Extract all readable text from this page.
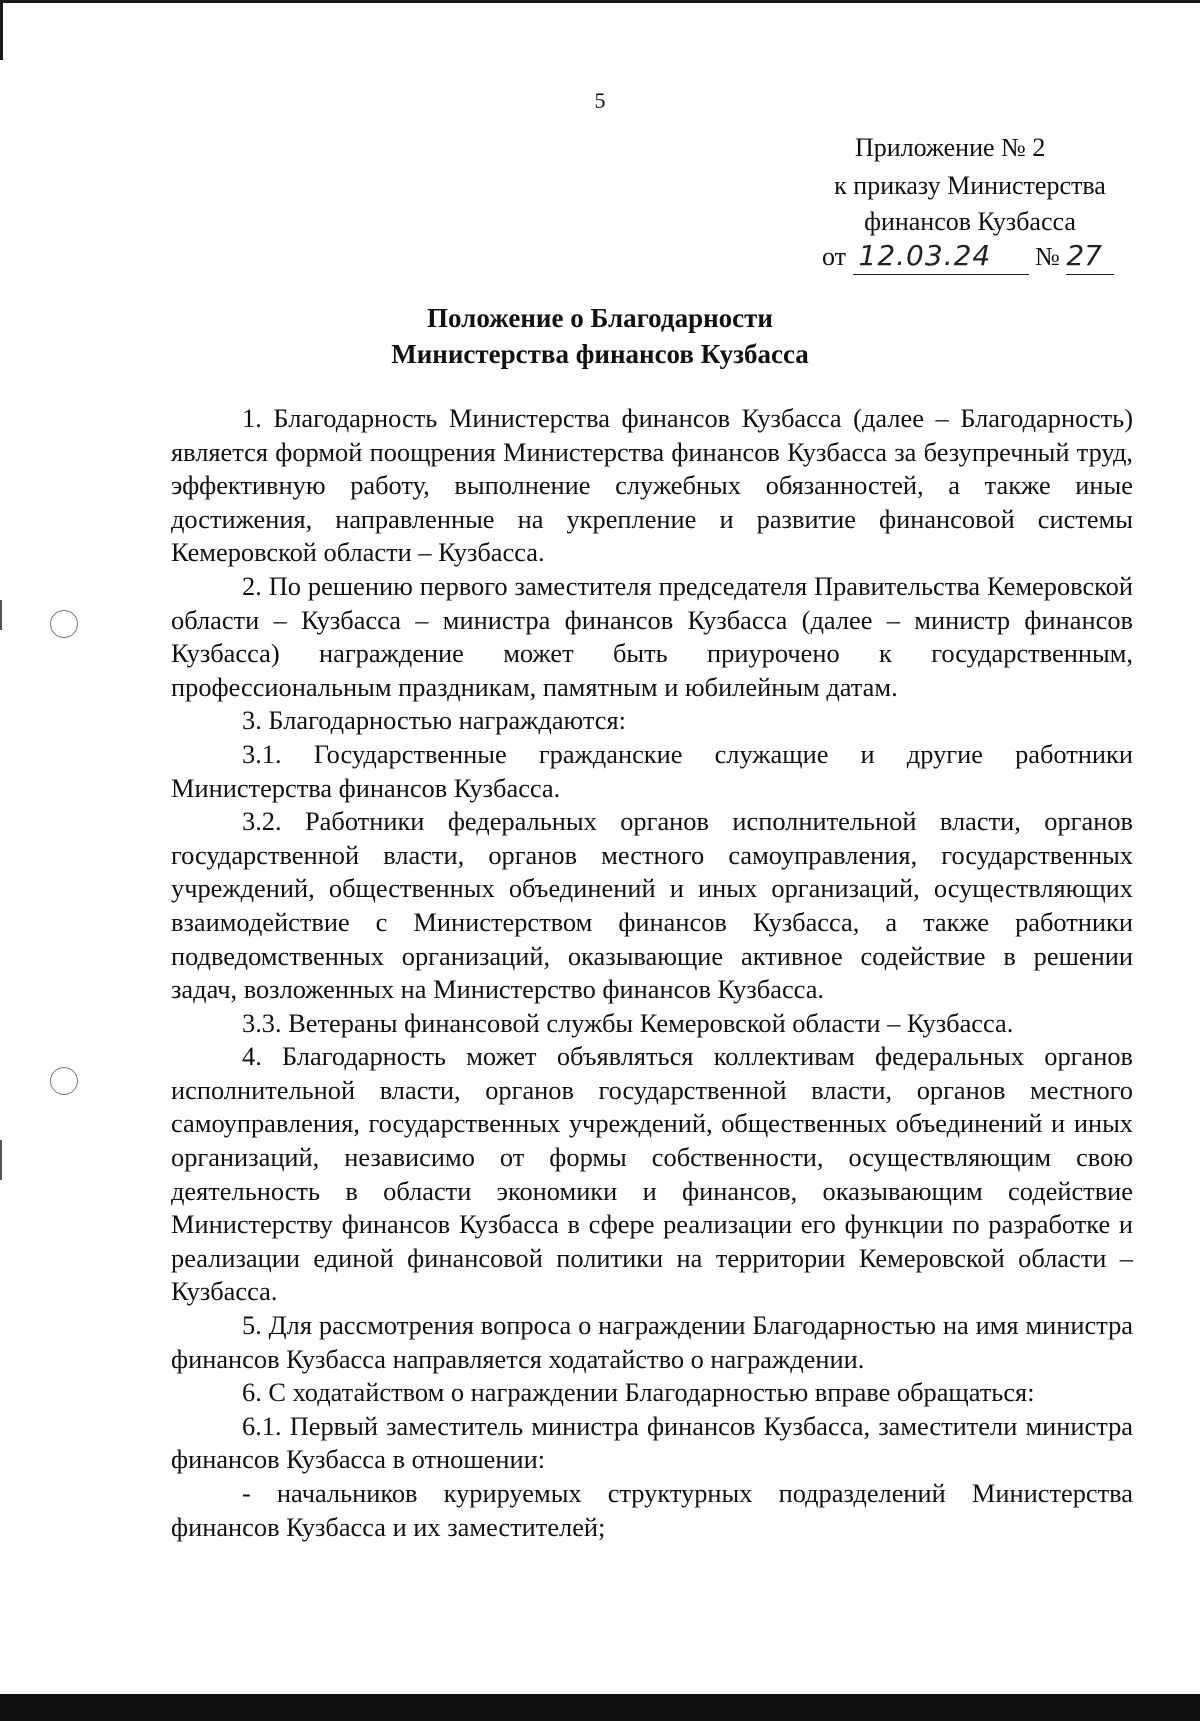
5
Приложение № 2
к приказу Министерства
финансов Кузбасса
от 12.03.24 № 27
Положение о Благодарности
Министерства финансов Кузбасса

1. Благодарность Министерства финансов Кузбасса (далее – Благодарность) является формой поощрения Министерства финансов Кузбасса за безупречный труд, эффективную работу, выполнение служебных обязанностей, а также иные достижения, направленные на укрепление и развитие финансовой системы Кемеровской области – Кузбасса.

2. По решению первого заместителя председателя Правительства Кемеровской области – Кузбасса – министра финансов Кузбасса (далее – министр финансов Кузбасса) награждение может быть приурочено к государственным, профессиональным праздникам, памятным и юбилейным датам.

3. Благодарностью награждаются:

3.1. Государственные гражданские служащие и другие работники Министерства финансов Кузбасса.

3.2. Работники федеральных органов исполнительной власти, органов государственной власти, органов местного самоуправления, государственных учреждений, общественных объединений и иных организаций, осуществляющих взаимодействие с Министерством финансов Кузбасса, а также работники подведомственных организаций, оказывающие активное содействие в решении задач, возложенных на Министерство финансов Кузбасса.

3.3. Ветераны финансовой службы Кемеровской области – Кузбасса.

4. Благодарность может объявляться коллективам федеральных органов исполнительной власти, органов государственной власти, органов местного самоуправления, государственных учреждений, общественных объединений и иных организаций, независимо от формы собственности, осуществляющим свою деятельность в области экономики и финансов, оказывающим содействие Министерству финансов Кузбасса в сфере реализации его функции по разработке и реализации единой финансовой политики на территории Кемеровской области – Кузбасса.

5. Для рассмотрения вопроса о награждении Благодарностью на имя министра финансов Кузбасса направляется ходатайство о награждении.

6. С ходатайством о награждении Благодарностью вправе обращаться:

6.1. Первый заместитель министра финансов Кузбасса, заместители министра финансов Кузбасса в отношении:

- начальников курируемых структурных подразделений Министерства финансов Кузбасса и их заместителей;
